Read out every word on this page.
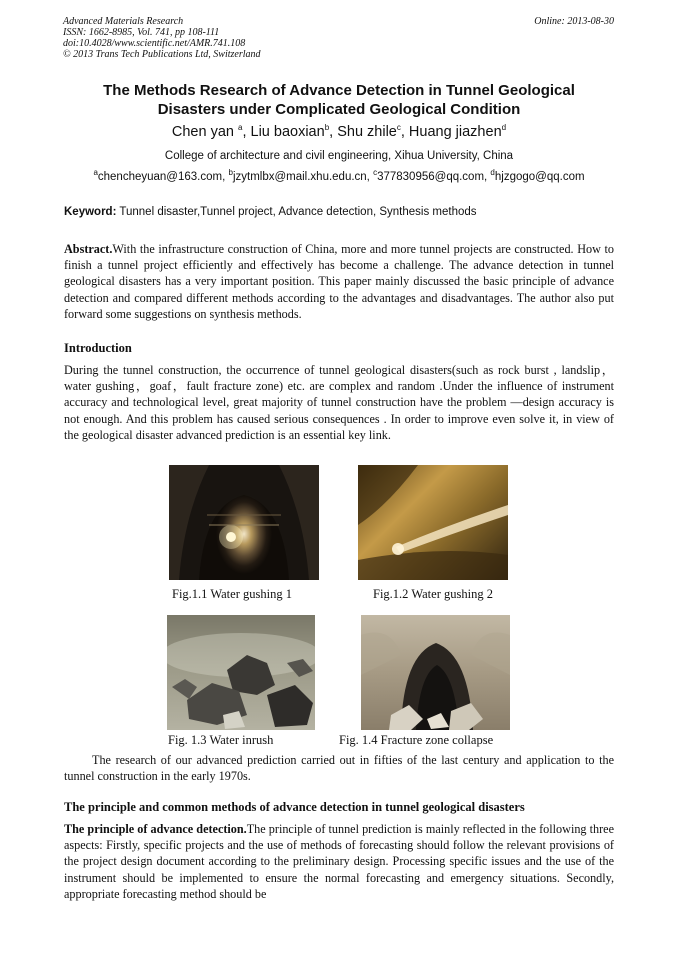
Advanced Materials Research
ISSN: 1662-8985, Vol. 741, pp 108-111
doi:10.4028/www.scientific.net/AMR.741.108
© 2013 Trans Tech Publications Ltd, Switzerland
Online: 2013-08-30
The Methods Research of Advance Detection in Tunnel Geological
Disasters under Complicated Geological Condition
Chen yan $^a$, Liu baoxian$^b$, Shu zhile$^c$, Huang jiazhen$^d$
College of architecture and civil engineering, Xihua University, China
$^a$chencheyuan@163.com, $^b$jzytmlbx@mail.xhu.edu.cn, $^c$377830956@qq.com, $^d$hjzgogo@qq.com
Keyword: Tunnel disaster,Tunnel project, Advance detection, Synthesis methods
Abstract.With the infrastructure construction of China, more and more tunnel projects are constructed. How to finish a tunnel project efficiently and effectively has become a challenge. The advance detection in tunnel geological disasters has a very important position. This paper mainly discussed the basic principle of advance detection and compared different methods according to the advantages and disadvantages. The author also put forward some suggestions on synthesis methods.
Introduction
During the tunnel construction, the occurrence of tunnel geological disasters(such as rock burst , landslip，water gushing，goaf，fault fracture zone) etc. are complex and random .Under the influence of instrument accuracy and technological level, great majority of tunnel construction have the problem —design accuracy is not enough. And this problem has caused serious consequences . In order to improve even solve it, in view of the geological disaster advanced prediction is an essential key link.
Fig.1.1 Water gushing 1	Fig.1.2 Water gushing 2
Fig. 1.3 Water inrush	Fig. 1.4 Fracture zone collapse
The research of our advanced prediction carried out in fifties of the last century and application to the tunnel construction in the early 1970s.
The principle and common methods of advance detection in tunnel geological disasters
The principle of advance detection.The principle of tunnel prediction is mainly reflected in the following three aspects: Firstly, specific projects and the use of methods of forecasting should follow the relevant provisions of the project design document according to the preliminary design. Processing specific issues and the use of the instrument should be implemented to ensure the normal forecasting and emergency situations. Secondly, appropriate forecasting method should be
